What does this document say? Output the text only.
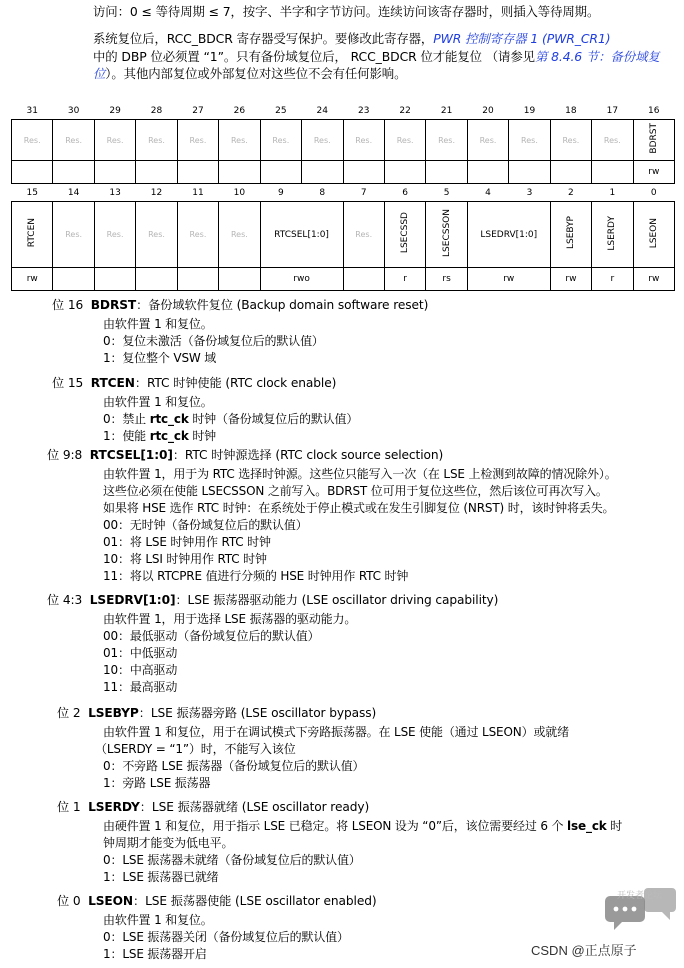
访问：0 ≤ 等待周期 ≤ 7，按字、半字和字节访问。连续访问该寄存器时，则插入等待周期。
系统复位后，RCC_BDCR 寄存器受写保护。要修改此寄存器，PWR 控制寄存器 1 (PWR_CR1)
中的 DBP 位必须置 “1”。只有备份域复位后， RCC_BDCR 位才能复位 （请参见第 8.4.6 节：备份域复位）。其他内部复位或外部复位对这些位不会有任何影响。
31	30	29	28	27	26	25	24	23	22	21	20	19	18	17	16
Res.	Res.	Res.	Res.	Res.	Res.	Res.	Res.	Res.	Res.	Res.	Res.	Res.	Res.	Res.	BDRST
															rw
15	14	13	12	11	10	9	8	7	6	5	4	3	2	1	0
RTCEN	Res.	Res.	Res.	Res.	Res.	RTCSEL[1:0]		Res.	LSECSSD	LSECSSON	LSEDRV[1:0]		LSEBYP	LSERDY	LSEON
rw						rwo			r	rs	rw		rw	r	rw
位 16 BDRST：备份域软件复位 (Backup domain software reset)
由软件置 1 和复位。
0：复位未激活（备份域复位后的默认值）
1：复位整个 VSW 域
位 15 RTCEN：RTC 时钟使能 (RTC clock enable)
由软件置 1 和复位。
0：禁止 rtc_ck 时钟（备份域复位后的默认值）
1：使能 rtc_ck 时钟
位 9:8 RTCSEL[1:0]：RTC 时钟源选择 (RTC clock source selection)
由软件置 1，用于为 RTC 选择时钟源。这些位只能写入一次（在 LSE 上检测到故障的情况除外）。
这些位必须在使能 LSECSSON 之前写入。BDRST 位可用于复位这些位，然后该位可再次写入。
如果将 HSE 选作 RTC 时钟：在系统处于停止模式或在发生引脚复位 (NRST) 时，该时钟将丢失。
00：无时钟（备份域复位后的默认值）
01：将 LSE 时钟用作 RTC 时钟
10：将 LSI 时钟用作 RTC 时钟
11：将以 RTCPRE 值进行分频的 HSE 时钟用作 RTC 时钟
位 4:3 LSEDRV[1:0]：LSE 振荡器驱动能力 (LSE oscillator driving capability)
由软件置 1，用于选择 LSE 振荡器的驱动能力。
00：最低驱动（备份域复位后的默认值）
01：中低驱动
10：中高驱动
11：最高驱动
位 2 LSEBYP：LSE 振荡器旁路 (LSE oscillator bypass)
由软件置 1 和复位，用于在调试模式下旁路振荡器。在 LSE 使能（通过 LSEON）或就绪
（LSERDY = “1”）时，不能写入该位
0：不旁路 LSE 振荡器（备份域复位后的默认值）
1：旁路 LSE 振荡器
位 1 LSERDY：LSE 振荡器就绪 (LSE oscillator ready)
由硬件置 1 和复位，用于指示 LSE 已稳定。将 LSEON 设为 “0”后，该位需要经过 6 个 lse_ck 时
钟周期才能变为低电平。
0：LSE 振荡器未就绪（备份域复位后的默认值）
1：LSE 振荡器已就绪
位 0 LSEON：LSE 振荡器使能 (LSE oscillator enabled)
由软件置 1 和复位。
0：LSE 振荡器关闭（备份域复位后的默认值）
1：LSE 振荡器开启
开发者论坛
CSDN @正点原子
